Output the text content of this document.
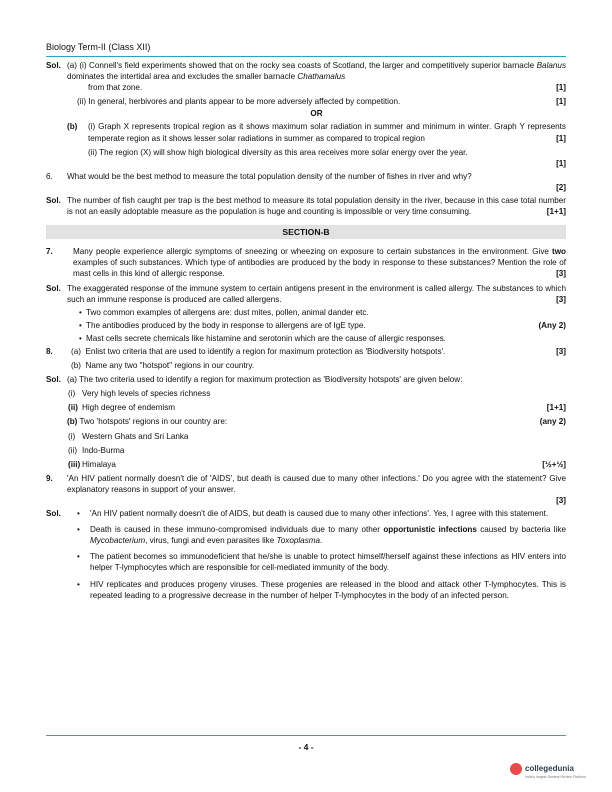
Biology Term-II (Class XII)
Sol. (a) (i) Connell's field experiments showed that on the rocky sea coasts of Scotland, the larger and competitively superior barnacle Balanus dominates the intertidal area and excludes the smaller barnacle Chathamalus
from that zone.	[1]
(ii) In general, herbivores and plants appear to be more adversely affected by competition.	[1]
OR
(b) (i) Graph X represents tropical region as it shows maximum solar radiation in summer and minimum in winter. Graph Y represents temperate region as it shows lesser solar radiations in summer as compared to tropical region	[1]
(ii) The region (X) will show high biological diversity as this area receives more solar energy over the year.
[1]
6. What would be the best method to measure the total population density of the number of fishes in river and why?
[2]
Sol. The number of fish caught per trap is the best method to measure its total population density in the river, because in this case total number is not an easily adoptable measure as the population is huge and counting is impossible or very time consuming.	[1+1]
SECTION-B
7. Many people experience allergic symptoms of sneezing or wheezing on exposure to certain substances in the environment. Give two examples of such substances. Which type of antibodies are produced by the body in response to these substances? Mention the role of mast cells in this kind of allergic response.	[3]
Sol. The exaggerated response of the immune system to certain antigens present in the environment is called allergy. The substances to which such an immune response is produced are called allergens.	[3]
• Two common examples of allergens are: dust mites, pollen, animal dander etc.
• The antibodies produced by the body in response to allergens are of IgE type.	(Any 2)
• Mast cells secrete chemicals like histamine and serotonin which are the cause of allergic responses.
8. (a) Enlist two criteria that are used to identify a region for maximum protection as 'Biodiversity hotspots'.	[3]
(b) Name any two "hotspot" regions in our country.
Sol. (a) The two criteria used to identify a region for maximum protection as 'Biodiversity hotspots' are given below:
(i) Very high levels of species richness
(ii) High degree of endemism	[1+1]
(b) Two 'hotspots' regions in our country are:	(any 2)
(i) Western Ghats and Sri Lanka
(ii) Indo-Burma
(iii) Himalaya	[½+½]
9. 'An HIV patient normally doesn't die of 'AIDS', but death is caused due to many other infections.' Do you agree with the statement? Give explanatory reasons in support of your answer.
[3]
Sol.
•	'An HIV patient normally doesn't die of AIDS, but death is caused due to many other infections'. Yes, I agree with this statement.
• Death is caused in these immuno-compromised individuals due to many other opportunistic infections caused by bacteria like Mycobacterium, virus, fungi and even parasites like Toxoplasma.
• The patient becomes so immunodeficient that he/she is unable to protect himself/herself against these infections as HIV enters into helper T-lymphocytes which are responsible for cell-mediated immunity of the body.
• HIV replicates and produces progeny viruses. These progenies are released in the blood and attack other T-lymphocytes. This is repeated leading to a progressive decrease in the number of helper T-lymphocytes in the body of an infected person.
- 4 -
collegedunia
India's largest Student Review Platform
